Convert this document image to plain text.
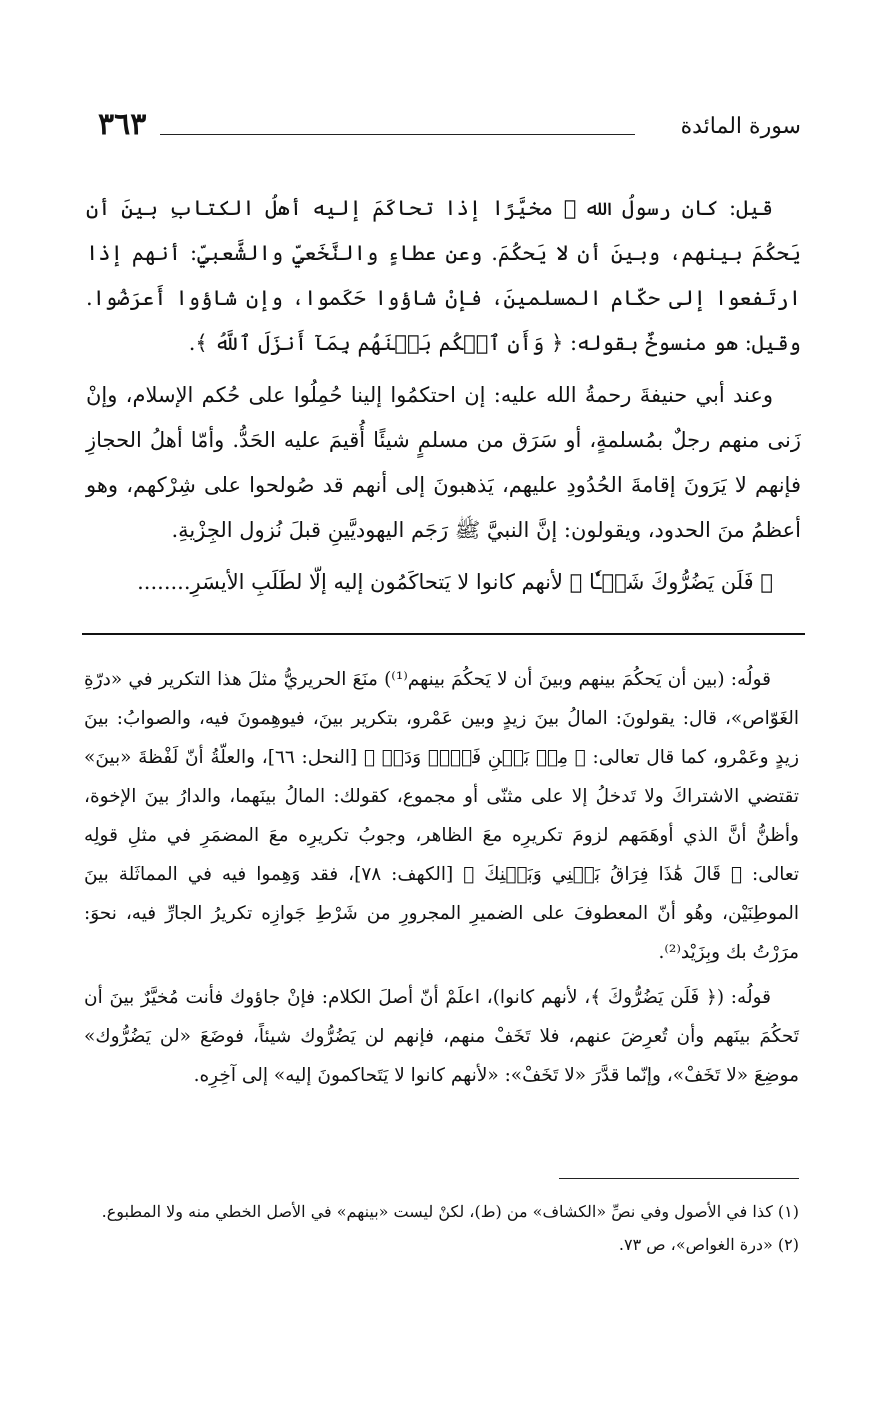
٣٦٣	سورة المائدة

قيل: كان رسولُ الله ﷺ مخيَّرًا إذا تحاكَمَ إليه أهلُ الكتابِ بينَ أن يَحكُمَ بينهم، وبينَ أن لا يَحكُمَ. وعن عطاءٍ والنَّخَعيِّ والشَّعبيِّ: أنهم إذا ارتَفعوا إلى حكّام المسلمينَ، فإنْ شاؤوا حَكَموا، وإن شاؤوا أَعرَضُوا. وقيل: هو منسوخٌ بقوله: ﴿ وَأَنِ ٱحۡكُم بَيۡنَهُم بِمَآ أَنزَلَ ٱللَّهُ ﴾.

وعند أبي حنيفةَ رحمةُ الله عليه: إن احتكمُوا إلينا حُمِلُوا على حُكم الإسلام، وإنْ زَنى منهم رجلٌ بمُسلمةٍ، أو سَرَق من مسلمٍ شيئًا أُقيمَ عليه الحَدُّ. وأمّا أهلُ الحجازِ فإنهم لا يَرَونَ إقامةَ الحُدُودِ عليهم، يَذهبونَ إلى أنهم قد صُولحوا على شِرْكهم، وهو أعظمُ منَ الحدود، ويقولون: إنَّ النبيَّ ﷺ رَجَم اليهوديَّينِ قبلَ نُزول الجِزْيةِ.

﴿ فَلَن يَضُرُّوكَ شَيۡـٔٗا ﴾ لأنهم كانوا لا يَتحاكَمُون إليه إلّا لطَلَبِ الأيسَرِ........

قولُه: (بين أن يَحكُمَ بينهم وبينَ أن لا يَحكُمَ بينهم⁽¹⁾) منَعَ الحريريُّ مثلَ هذا التكرير في «درّةِ الغَوّاص»، قال: يقولونَ: المالُ بينَ زيدٍ وبين عَمْرو، بتكرير بينَ، فيوهِمونَ فيه، والصوابُ: بينَ زيدٍ وعَمْرو، كما قال تعالى: ﴿ مِنۢ بَيۡنِ فَرۡثٖ وَدَمٖ ﴾ [النحل: ٦٦]، والعلّةُ أنّ لَفْظةَ «بينَ» تقتضي الاشتراكَ ولا تَدخلُ إلا على مثنّى أو مجموع، كقولك: المالُ بينَهما، والدارُ بينَ الإخوة، وأظنُّ أنَّ الذي أوهَمَهم لزومَ تكريرِه معَ الظاهر، وجوبُ تكريرِه معَ المضمَرِ في مثلِ قولِه تعالى: ﴿ قَالَ هَٰذَا فِرَاقُ بَيۡنِي وَبَيۡنِكَ ﴾ [الكهف: ٧٨]، فقد وَهِموا فيه في المماثَلة بينَ الموطِنَيْن، وهُو أنّ المعطوفَ على الضميرِ المجرورِ من شَرْطِ جَوازِه تكريرُ الجارِّ فيه، نحوَ: مرَرْتُ بك وبِزَيْد⁽²⁾.

قولُه: (﴿ فَلَن يَضُرُّوكَ ﴾، لأنهم كانوا)، اعلَمْ أنّ أصلَ الكلام: فإنْ جاؤوك فأنت مُخيَّرٌ بينَ أن تَحكُمَ بينَهم وأن تُعرِضَ عنهم، فلا تَخَفْ منهم، فإنهم لن يَضُرُّوك شيئاً، فوضَعَ «لن يَضُرُّوك» موضِعَ «لا تَخَفْ»، وإنّما قدَّرَ «لا تَخَفْ»: «لأنهم كانوا لا يَتَحاكمونَ إليه» إلى آخِرِه.

(١) كذا في الأصول وفي نصِّ «الكشاف» من (ط)، لكنْ ليست «بينهم» في الأصل الخطي منه ولا المطبوع.

(٢) «درة الغواص»، ص ٧٣.
